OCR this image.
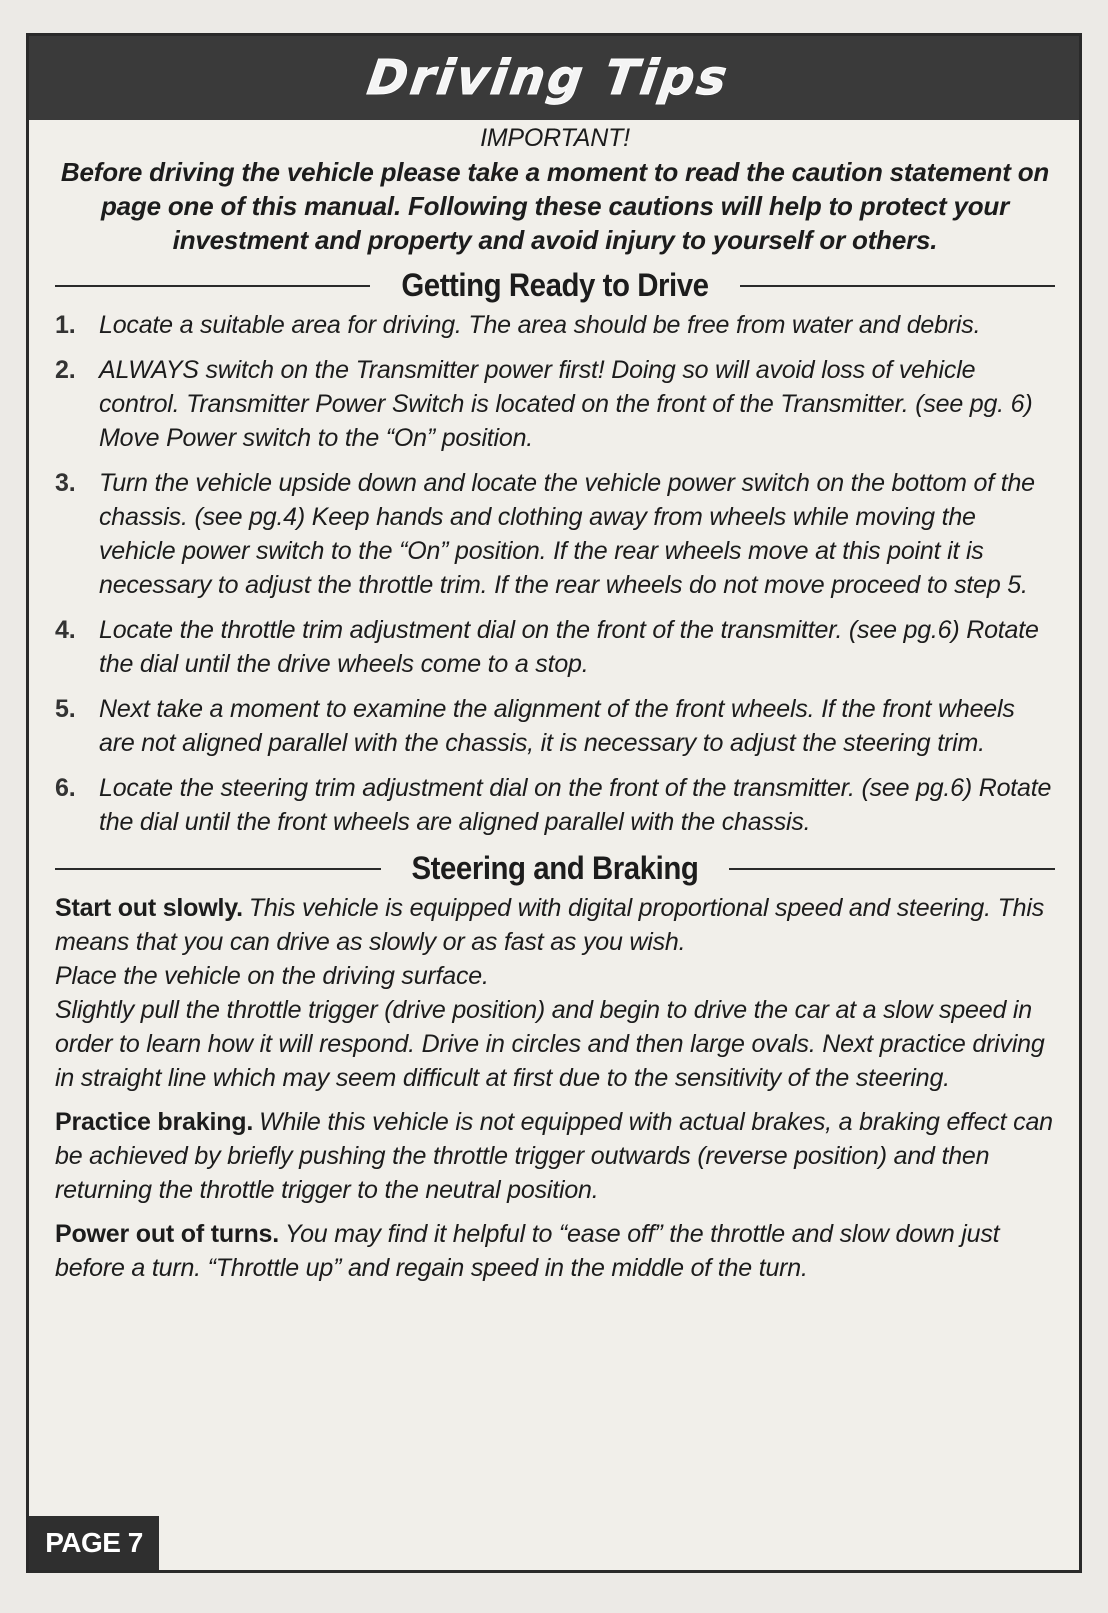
Driving Tips
IMPORTANT!

Before driving the vehicle please take a moment to read the caution statement on page one of this manual. Following these cautions will help to protect your investment and property and avoid injury to yourself or others.

Getting Ready to Drive
1. Locate a suitable area for driving. The area should be free from water and debris.
2. ALWAYS switch on the Transmitter power first! Doing so will avoid loss of vehicle control. Transmitter Power Switch is located on the front of the Transmitter. (see pg. 6) Move Power switch to the “On” position.
3. Turn the vehicle upside down and locate the vehicle power switch on the bottom of the chassis. (see pg.4) Keep hands and clothing away from wheels while moving the vehicle power switch to the “On” position. If the rear wheels move at this point it is necessary to adjust the throttle trim. If the rear wheels do not move proceed to step 5.
4. Locate the throttle trim adjustment dial on the front of the transmitter. (see pg.6) Rotate the dial until the drive wheels come to a stop.
5. Next take a moment to examine the alignment of the front wheels. If the front wheels are not aligned parallel with the chassis, it is necessary to adjust the steering trim.
6. Locate the steering trim adjustment dial on the front of the transmitter. (see pg.6) Rotate the dial until the front wheels are aligned parallel with the chassis.
Steering and Braking

Start out slowly. This vehicle is equipped with digital proportional speed and steering. This means that you can drive as slowly or as fast as you wish.
Place the vehicle on the driving surface.
Slightly pull the throttle trigger (drive position) and begin to drive the car at a slow speed in order to learn how it will respond. Drive in circles and then large ovals. Next practice driving in straight line which may seem difficult at first due to the sensitivity of the steering.

Practice braking. While this vehicle is not equipped with actual brakes, a braking effect can be achieved by briefly pushing the throttle trigger outwards (reverse position) and then returning the throttle trigger to the neutral position.

Power out of turns. You may find it helpful to “ease off” the throttle and slow down just before a turn. “Throttle up” and regain speed in the middle of the turn.

PAGE 7
